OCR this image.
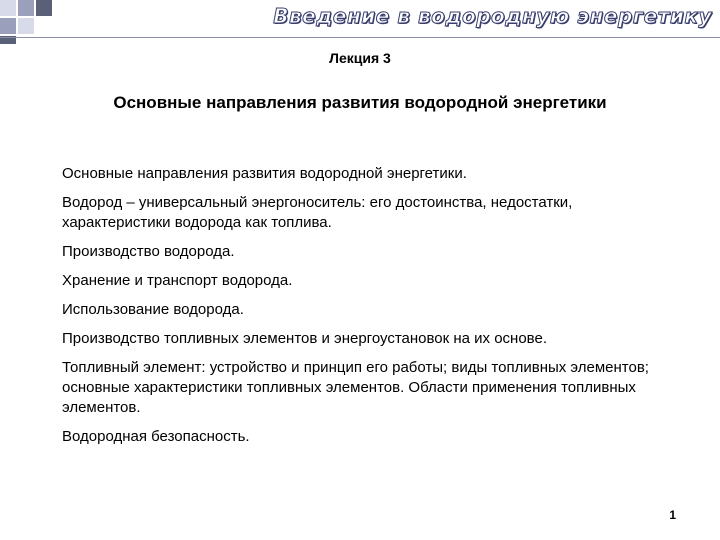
Введение в водородную энергетику
Лекция 3
Основные направления развития водородной энергетики
Основные направления развития водородной энергетики.
Водород – универсальный энергоноситель: его достоинства, недостатки, характеристики водорода как топлива.
Производство водорода.
Хранение и транспорт водорода.
Использование водорода.
Производство топливных элементов и энергоустановок на их основе.
Топливный элемент: устройство и принцип его работы; виды топливных элементов; основные характеристики топливных элементов. Области применения топливных элементов.
Водородная безопасность.
1
